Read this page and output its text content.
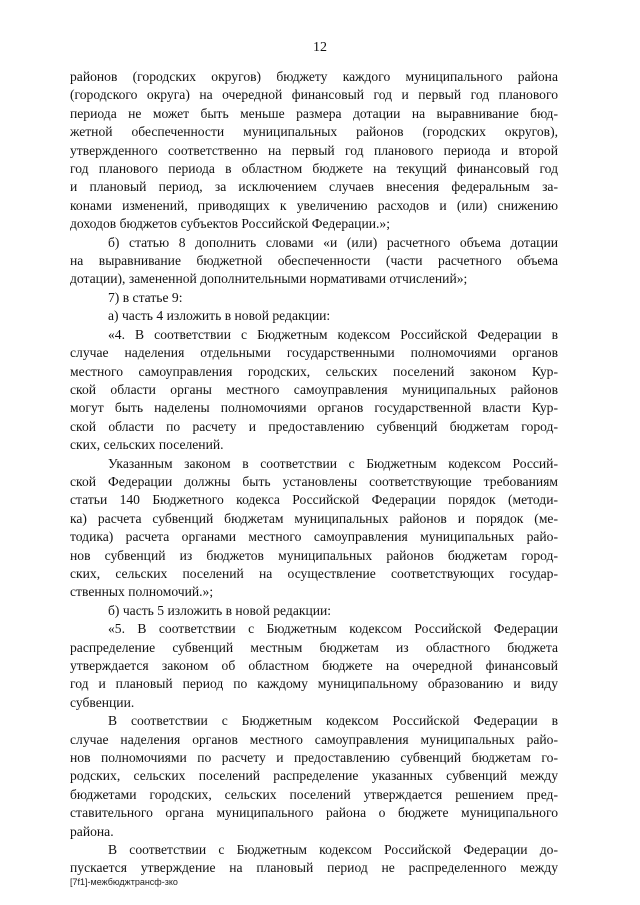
12
районов (городских округов) бюджету каждого муниципального района
(городского округа) на очередной финансовый год и первый год планового
периода не может быть меньше размера дотации на выравнивание бюд-
жетной обеспеченности муниципальных районов (городских округов),
утвержденного соответственно на первый год планового периода и второй
год планового периода в областном бюджете на текущий финансовый год
и плановый период, за исключением случаев внесения федеральным за-
конами изменений, приводящих к увеличению расходов и (или) снижению
доходов бюджетов субъектов Российской Федерации.»;
б) статью 8 дополнить словами «и (или) расчетного объема дотации
на выравнивание бюджетной обеспеченности (части расчетного объема
дотации), замененной дополнительными нормативами отчислений»;
7) в статье 9:
а) часть 4 изложить в новой редакции:
«4. В соответствии с Бюджетным кодексом Российской Федерации в
случае наделения отдельными государственными полномочиями органов
местного самоуправления городских, сельских поселений законом Кур-
ской области органы местного самоуправления муниципальных районов
могут быть наделены полномочиями органов государственной власти Кур-
ской области по расчету и предоставлению субвенций бюджетам город-
ских, сельских поселений.
Указанным законом в соответствии с Бюджетным кодексом Россий-
ской Федерации должны быть установлены соответствующие требованиям
статьи 140 Бюджетного кодекса Российской Федерации порядок (методи-
ка) расчета субвенций бюджетам муниципальных районов и порядок (ме-
тодика) расчета органами местного самоуправления муниципальных райо-
нов субвенций из бюджетов муниципальных районов бюджетам город-
ских, сельских поселений на осуществление соответствующих государ-
ственных полномочий.»;
б) часть 5 изложить в новой редакции:
«5. В соответствии с Бюджетным кодексом Российской Федерации
распределение субвенций местным бюджетам из областного бюджета
утверждается законом об областном бюджете на очередной финансовый
год и плановый период по каждому муниципальному образованию и виду
субвенции.
В соответствии с Бюджетным кодексом Российской Федерации в
случае наделения органов местного самоуправления муниципальных райо-
нов полномочиями по расчету и предоставлению субвенций бюджетам го-
родских, сельских поселений распределение указанных субвенций между
бюджетами городских, сельских поселений утверждается решением пред-
ставительного органа муниципального района о бюджете муниципального
района.
В соответствии с Бюджетным кодексом Российской Федерации до-
пускается утверждение на плановый период не распределенного между
[7f1]-межбюджтрансф-зко
